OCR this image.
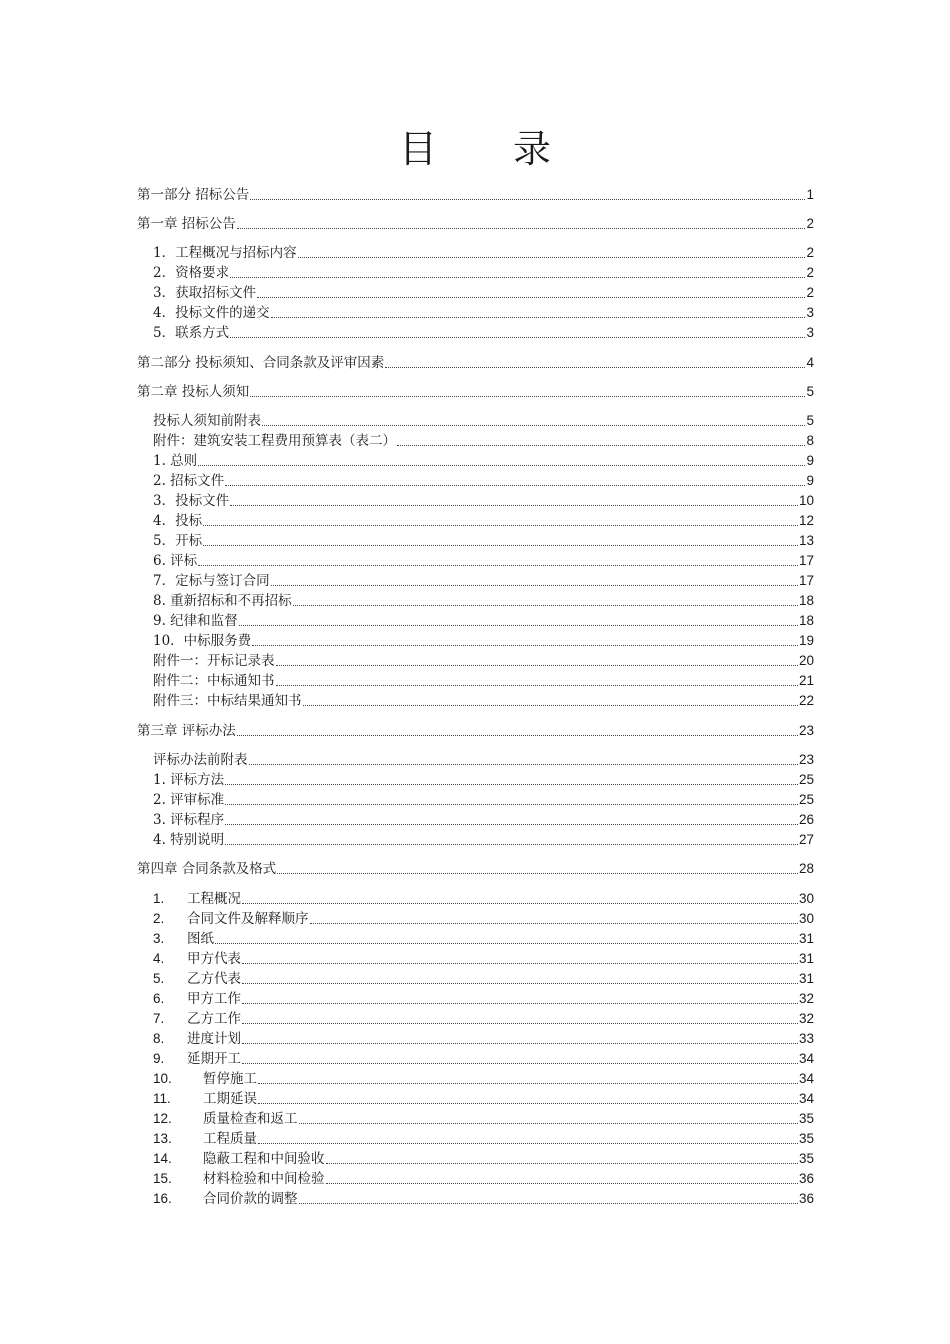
目 录
第一部分 招标公告	1
第一章 招标公告	2
1．工程概况与招标内容	2
2．资格要求	2
3．获取招标文件	2
4．投标文件的递交	3
5．联系方式	3
第二部分 投标须知、合同条款及评审因素	4
第二章 投标人须知	5
投标人须知前附表	5
附件：建筑安装工程费用预算表（表二）	8
1. 总则	9
2. 招标文件	9
3．投标文件	10
4．投标	12
5．开标	13
6. 评标	17
7．定标与签订合同	17
8. 重新招标和不再招标	18
9. 纪律和监督	18
10．中标服务费	19
附件一：开标记录表	20
附件二：中标通知书	21
附件三：中标结果通知书	22
第三章 评标办法	23
评标办法前附表	23
1. 评标方法	25
2. 评审标准	25
3. 评标程序	26
4. 特别说明	27
第四章 合同条款及格式	28
1. 工程概况	30
2. 合同文件及解释顺序	30
3. 图纸	31
4. 甲方代表	31
5. 乙方代表	31
6. 甲方工作	32
7. 乙方工作	32
8. 进度计划	33
9. 延期开工	34
10. 暂停施工	34
11. 工期延误	34
12. 质量检查和返工	35
13. 工程质量	35
14. 隐蔽工程和中间验收	35
15. 材料检验和中间检验	36
16. 合同价款的调整	36
